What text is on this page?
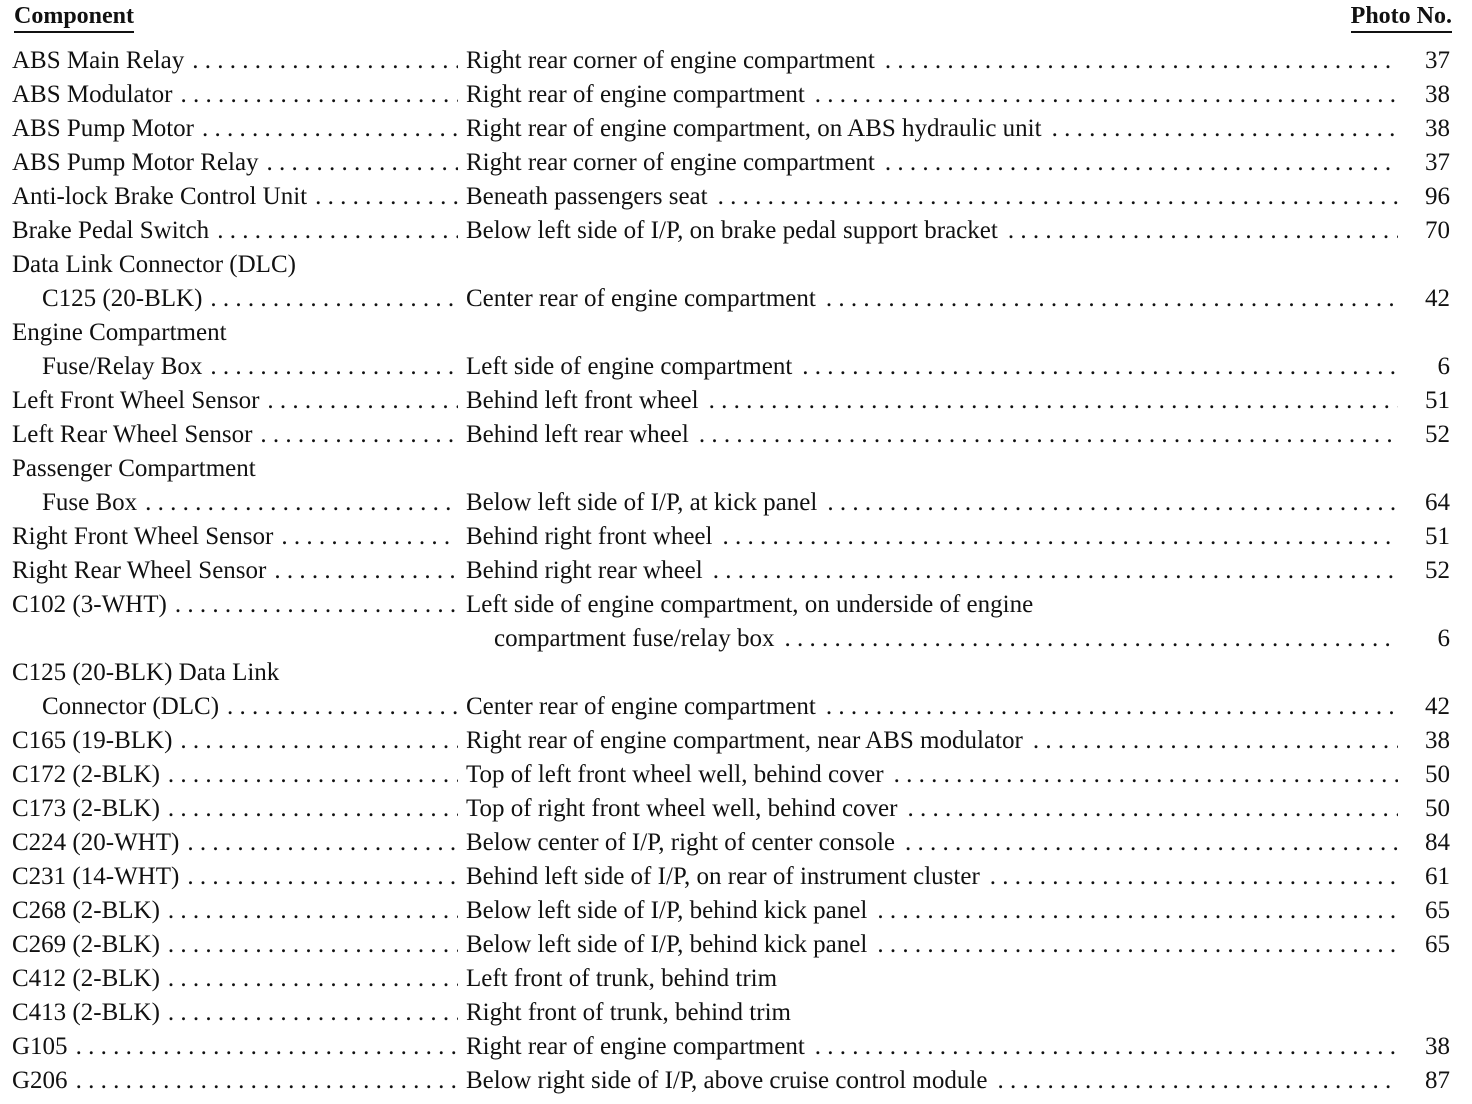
Component	Photo No.
ABS Main Relay . . .	Right rear corner of engine compartment . . .	37
ABS Modulator . . .	Right rear of engine compartment . . .	38
ABS Pump Motor . . .	Right rear of engine compartment, on ABS hydraulic unit . . .	38
ABS Pump Motor Relay . . .	Right rear corner of engine compartment . . .	37
Anti-lock Brake Control Unit . . .	Beneath passengers seat . . .	96
Brake Pedal Switch . . .	Below left side of I/P, on brake pedal support bracket . . .	70
Data Link Connector (DLC)
C125 (20-BLK) . . .	Center rear of engine compartment . . .	42
Engine Compartment
Fuse/Relay Box . . .	Left side of engine compartment . . .	6
Left Front Wheel Sensor . . .	Behind left front wheel . . .	51
Left Rear Wheel Sensor . . .	Behind left rear wheel . . .	52
Passenger Compartment
Fuse Box . . .	Below left side of I/P, at kick panel . . .	64
Right Front Wheel Sensor . . .	Behind right front wheel . . .	51
Right Rear Wheel Sensor . . .	Behind right rear wheel . . .	52
C102 (3-WHT) . . .	Left side of engine compartment, on underside of engine
compartment fuse/relay box . . .	6
C125 (20-BLK) Data Link
Connector (DLC) . . .	Center rear of engine compartment . . .	42
C165 (19-BLK) . . .	Right rear of engine compartment, near ABS modulator . . .	38
C172 (2-BLK) . . .	Top of left front wheel well, behind cover . . .	50
C173 (2-BLK) . . .	Top of right front wheel well, behind cover . . .	50
C224 (20-WHT) . . .	Below center of I/P, right of center console . . .	84
C231 (14-WHT) . . .	Behind left side of I/P, on rear of instrument cluster . . .	61
C268 (2-BLK) . . .	Below left side of I/P, behind kick panel . . .	65
C269 (2-BLK) . . .	Below left side of I/P, behind kick panel . . .	65
C412 (2-BLK) . . .	Left front of trunk, behind trim
C413 (2-BLK) . . .	Right front of trunk, behind trim
G105 . . .	Right rear of engine compartment . . .	38
G206 . . .	Below right side of I/P, above cruise control module . . .	87
